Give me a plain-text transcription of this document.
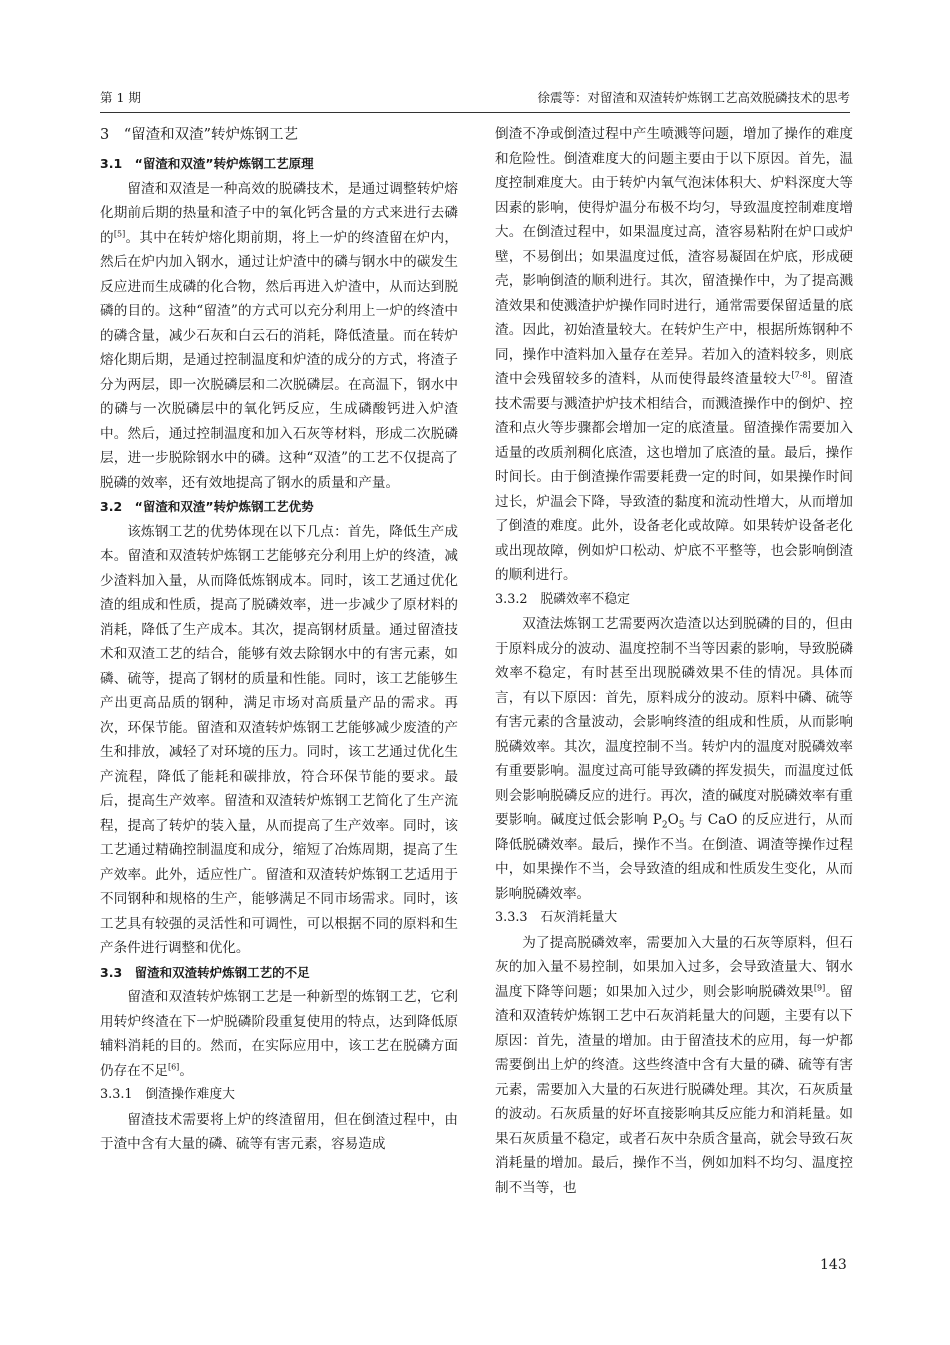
第 1 期	徐震等：对留渣和双渣转炉炼钢工艺高效脱磷技术的思考
3　“留渣和双渣”转炉炼钢工艺
3.1　“留渣和双渣”转炉炼钢工艺原理

留渣和双渣是一种高效的脱磷技术，是通过调整转炉熔化期前后期的热量和渣子中的氧化钙含量的方式来进行去磷的[5]。其中在转炉熔化期前期，将上一炉的终渣留在炉内，然后在炉内加入钢水，通过让炉渣中的磷与钢水中的碳发生反应进而生成磷的化合物，然后再进入炉渣中，从而达到脱磷的目的。这种“留渣”的方式可以充分利用上一炉的终渣中的磷含量，减少石灰和白云石的消耗，降低渣量。而在转炉熔化期后期，是通过控制温度和炉渣的成分的方式，将渣子分为两层，即一次脱磷层和二次脱磷层。在高温下，钢水中的磷与一次脱磷层中的氧化钙反应，生成磷酸钙进入炉渣中。然后，通过控制温度和加入石灰等材料，形成二次脱磷层，进一步脱除钢水中的磷。这种“双渣”的工艺不仅提高了脱磷的效率，还有效地提高了钢水的质量和产量。

3.2　“留渣和双渣”转炉炼钢工艺优势

该炼钢工艺的优势体现在以下几点：首先，降低生产成本。留渣和双渣转炉炼钢工艺能够充分利用上炉的终渣，减少渣料加入量，从而降低炼钢成本。同时，该工艺通过优化渣的组成和性质，提高了脱磷效率，进一步减少了原材料的消耗，降低了生产成本。其次，提高钢材质量。通过留渣技术和双渣工艺的结合，能够有效去除钢水中的有害元素，如磷、硫等，提高了钢材的质量和性能。同时，该工艺能够生产出更高品质的钢种，满足市场对高质量产品的需求。再次，环保节能。留渣和双渣转炉炼钢工艺能够减少废渣的产生和排放，减轻了对环境的压力。同时，该工艺通过优化生产流程，降低了能耗和碳排放，符合环保节能的要求。最后，提高生产效率。留渣和双渣转炉炼钢工艺简化了生产流程，提高了转炉的装入量，从而提高了生产效率。同时，该工艺通过精确控制温度和成分，缩短了冶炼周期，提高了生产效率。此外，适应性广。留渣和双渣转炉炼钢工艺适用于不同钢种和规格的生产，能够满足不同市场需求。同时，该工艺具有较强的灵活性和可调性，可以根据不同的原料和生产条件进行调整和优化。

3.3　留渣和双渣转炉炼钢工艺的不足

留渣和双渣转炉炼钢工艺是一种新型的炼钢工艺，它利用转炉终渣在下一炉脱磷阶段重复使用的特点，达到降低原辅料消耗的目的。然而，在实际应用中，该工艺在脱磷方面仍存在不足[6]。

3.3.1　倒渣操作难度大

留渣技术需要将上炉的终渣留用，但在倒渣过程中，由于渣中含有大量的磷、硫等有害元素，容易造成

倒渣不净或倒渣过程中产生喷溅等问题，增加了操作的难度和危险性。倒渣难度大的问题主要由于以下原因。首先，温度控制难度大。由于转炉内氧气泡沫体积大、炉料深度大等因素的影响，使得炉温分布极不均匀，导致温度控制难度增大。在倒渣过程中，如果温度过高，渣容易粘附在炉口或炉壁，不易倒出；如果温度过低，渣容易凝固在炉底，形成硬壳，影响倒渣的顺利进行。其次，留渣操作中，为了提高溅渣效果和使溅渣护炉操作同时进行，通常需要保留适量的底渣。因此，初始渣量较大。在转炉生产中，根据所炼钢种不同，操作中渣料加入量存在差异。若加入的渣料较多，则底渣中会残留较多的渣料，从而使得最终渣量较大[7-8]。留渣技术需要与溅渣护炉技术相结合，而溅渣操作中的倒炉、控渣和点火等步骤都会增加一定的底渣量。留渣操作需要加入适量的改质剂稠化底渣，这也增加了底渣的量。最后，操作时间长。由于倒渣操作需要耗费一定的时间，如果操作时间过长，炉温会下降，导致渣的黏度和流动性增大，从而增加了倒渣的难度。此外，设备老化或故障。如果转炉设备老化或出现故障，例如炉口松动、炉底不平整等，也会影响倒渣的顺利进行。

3.3.2　脱磷效率不稳定

双渣法炼钢工艺需要两次造渣以达到脱磷的目的，但由于原料成分的波动、温度控制不当等因素的影响，导致脱磷效率不稳定，有时甚至出现脱磷效果不佳的情况。具体而言，有以下原因：首先，原料成分的波动。原料中磷、硫等有害元素的含量波动，会影响终渣的组成和性质，从而影响脱磷效率。其次，温度控制不当。转炉内的温度对脱磷效率有重要影响。温度过高可能导致磷的挥发损失，而温度过低则会影响脱磷反应的进行。再次，渣的碱度对脱磷效率有重要影响。碱度过低会影响 $P_2O_5$ 与 CaO 的反应进行，从而降低脱磷效率。最后，操作不当。在倒渣、调渣等操作过程中，如果操作不当，会导致渣的组成和性质发生变化，从而影响脱磷效率。

3.3.3　石灰消耗量大

为了提高脱磷效率，需要加入大量的石灰等原料，但石灰的加入量不易控制，如果加入过多，会导致渣量大、钢水温度下降等问题；如果加入过少，则会影响脱磷效果[9]。留渣和双渣转炉炼钢工艺中石灰消耗量大的问题，主要有以下原因：首先，渣量的增加。由于留渣技术的应用，每一炉都需要倒出上炉的终渣。这些终渣中含有大量的磷、硫等有害元素，需要加入大量的石灰进行脱磷处理。其次，石灰质量的波动。石灰质量的好坏直接影响其反应能力和消耗量。如果石灰质量不稳定，或者石灰中杂质含量高，就会导致石灰消耗量的增加。最后，操作不当，例如加料不均匀、温度控制不当等，也

143
